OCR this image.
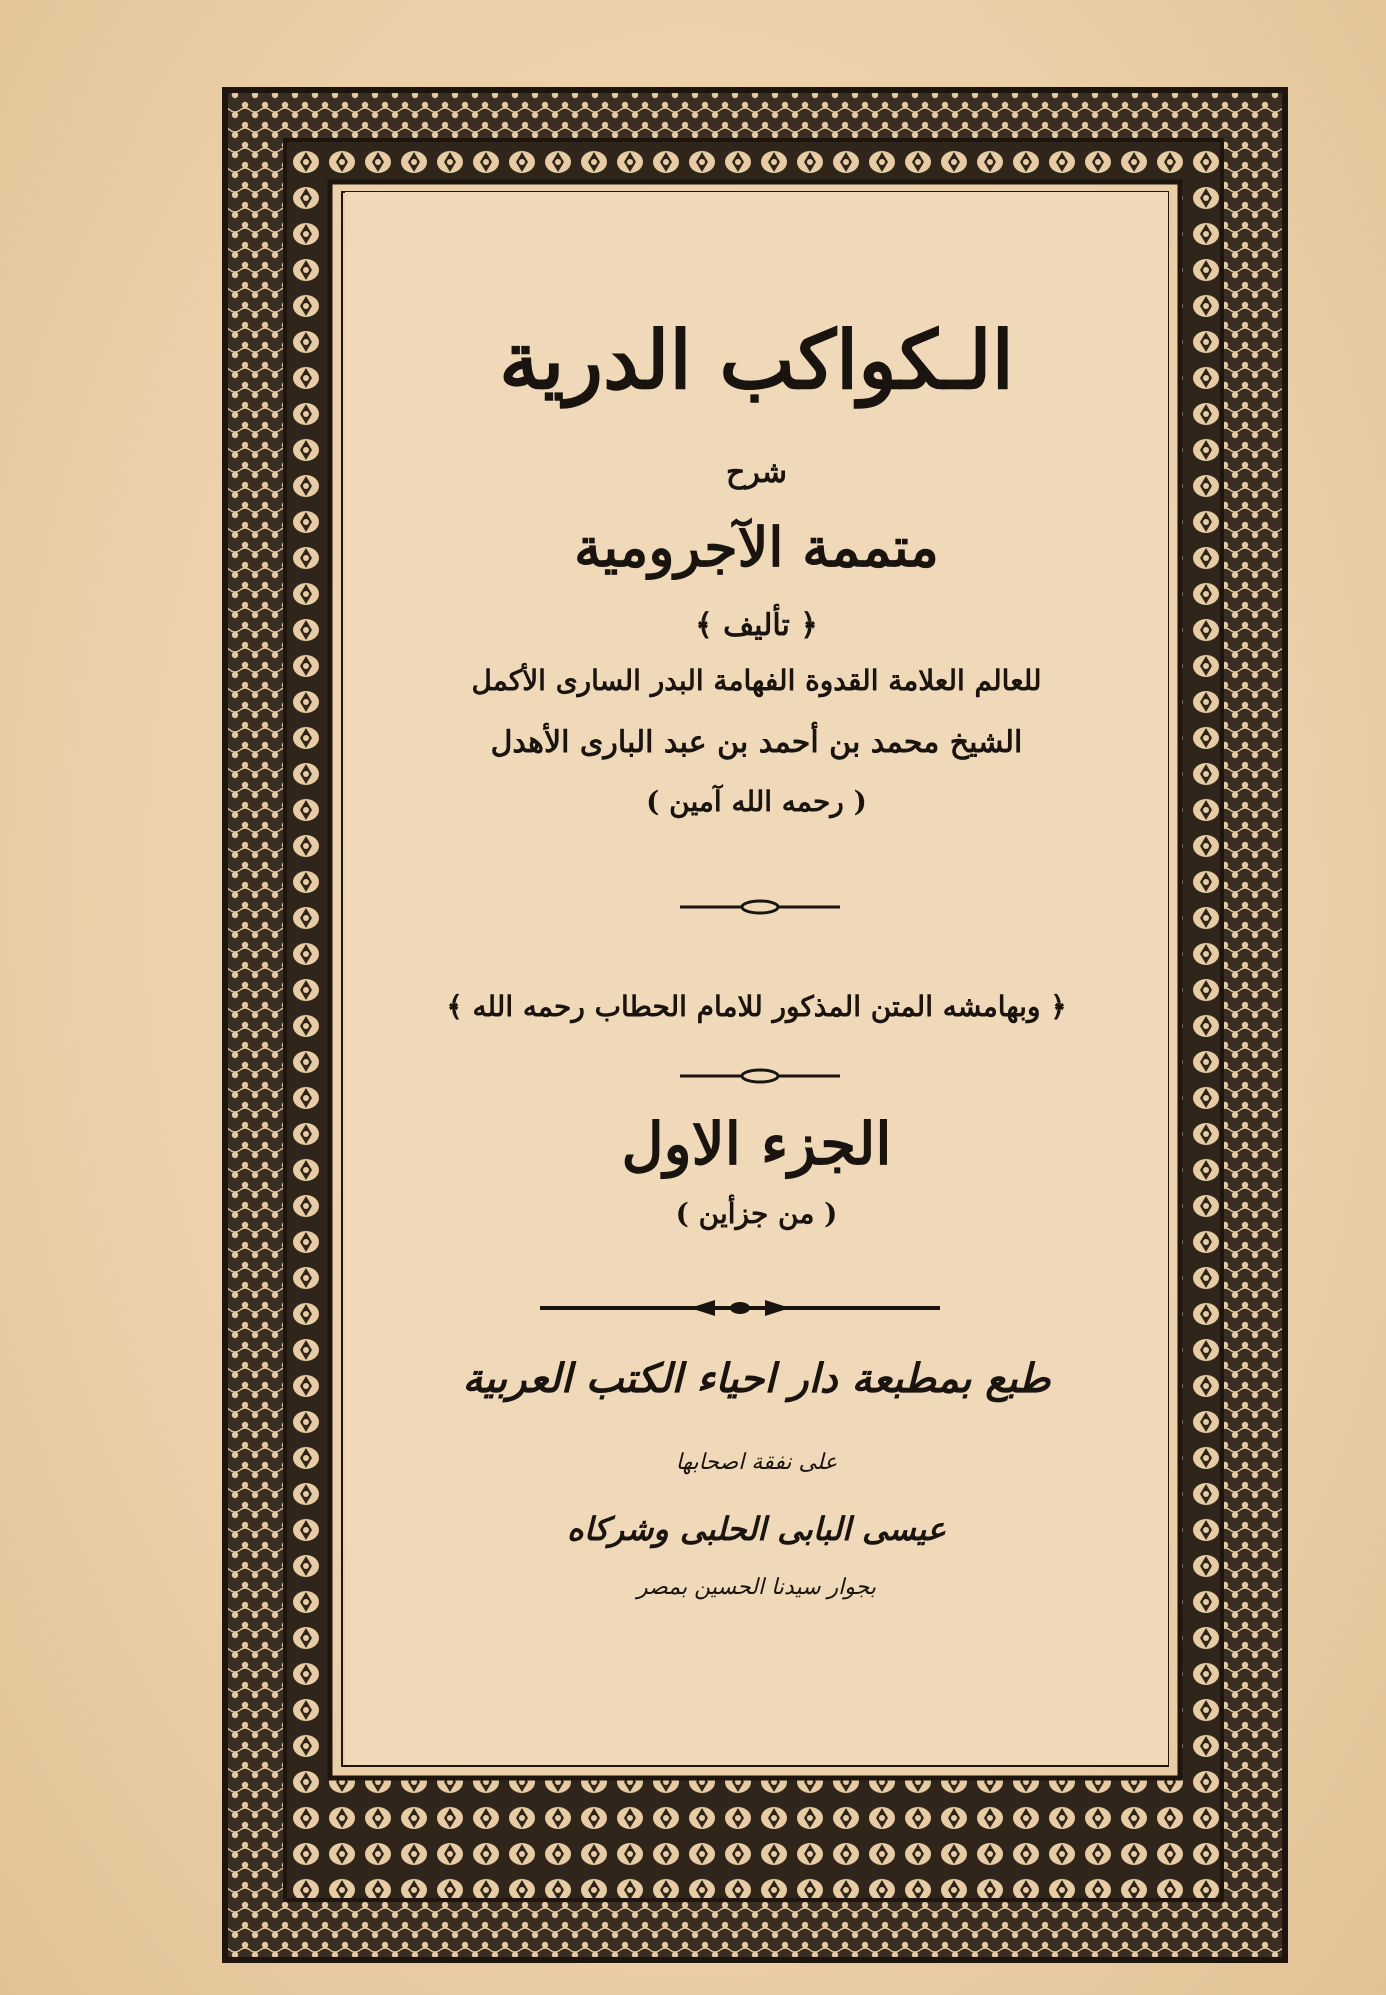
الـكواكب الدرية
شرح
متممة الآجرومية
﴿ تأليف ﴾
للعالم العلامة القدوة الفهامة البدر السارى الأكمل
الشيخ محمد بن أحمد بن عبد البارى الأهدل
( رحمه الله آمين )
﴿ وبهامشه المتن المذكور للامام الحطاب رحمه الله ﴾
الجزء الاول
( من جزأين )
طبع بمطبعة دار احياء الكتب العربية
على نفقة اصحابها
عيسى البابى الحلبى وشركاه
بجوار سيدنا الحسين بمصر
